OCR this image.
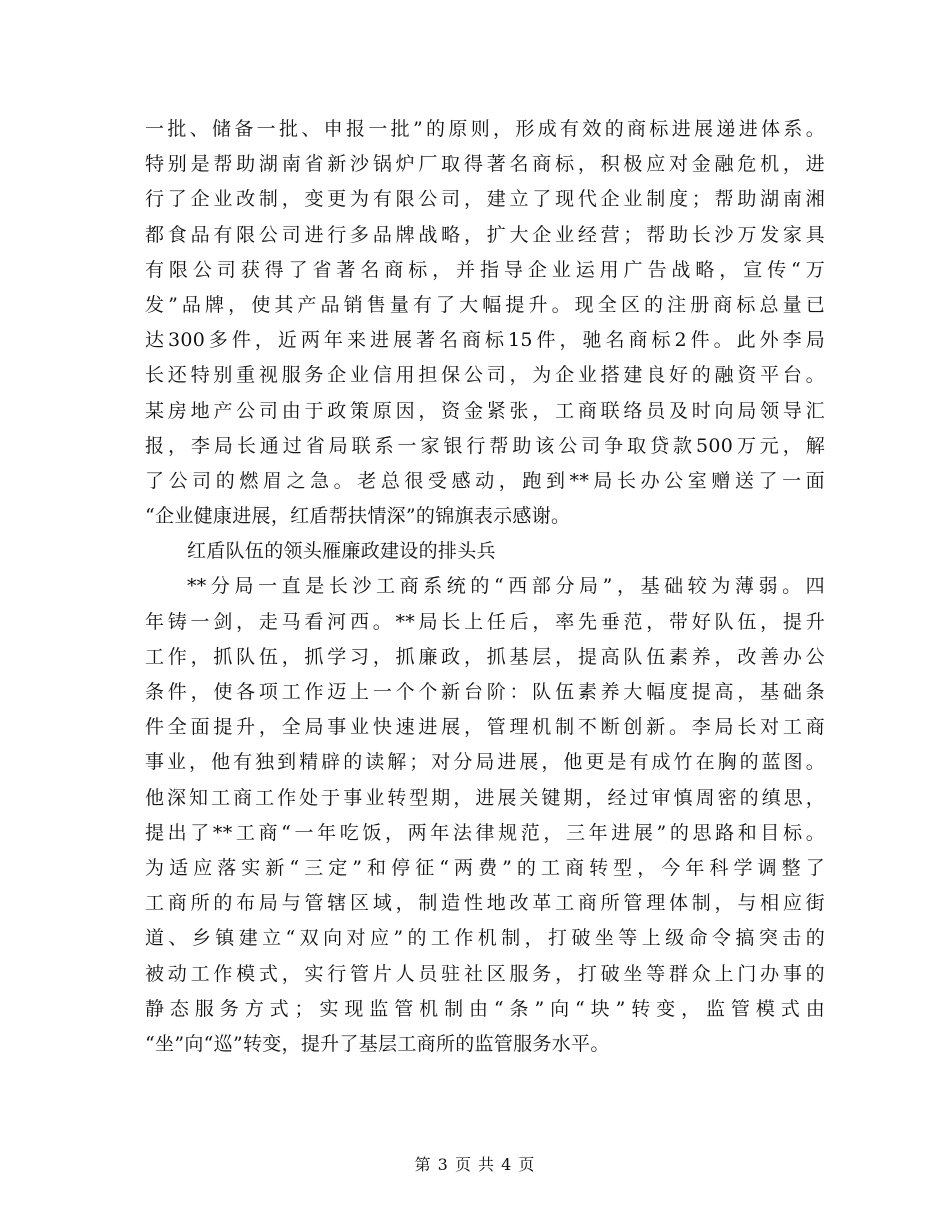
一批、储备一批、申报一批”的原则，形成有效的商标进展递进体系。
特别是帮助湖南省新沙锅炉厂取得著名商标，积极应对金融危机，进
行了企业改制，变更为有限公司，建立了现代企业制度；帮助湖南湘
都食品有限公司进行多品牌战略，扩大企业经营；帮助长沙万发家具
有限公司获得了省著名商标，并指导企业运用广告战略，宣传“万
发”品牌，使其产品销售量有了大幅提升。现全区的注册商标总量已
达300多件，近两年来进展著名商标15件，驰名商标2件。此外李局
长还特别重视服务企业信用担保公司，为企业搭建良好的融资平台。
某房地产公司由于政策原因，资金紧张，工商联络员及时向局领导汇
报，李局长通过省局联系一家银行帮助该公司争取贷款500万元，解
了公司的燃眉之急。老总很受感动，跑到**局长办公室赠送了一面
“企业健康进展，红盾帮扶情深”的锦旗表示感谢。
红盾队伍的领头雁廉政建设的排头兵
**分局一直是长沙工商系统的“西部分局”，基础较为薄弱。四
年铸一剑，走马看河西。**局长上任后，率先垂范，带好队伍，提升
工作，抓队伍，抓学习，抓廉政，抓基层，提高队伍素养，改善办公
条件，使各项工作迈上一个个新台阶：队伍素养大幅度提高，基础条
件全面提升，全局事业快速进展，管理机制不断创新。李局长对工商
事业，他有独到精辟的读解；对分局进展，他更是有成竹在胸的蓝图。
他深知工商工作处于事业转型期，进展关键期，经过审慎周密的缜思，
提出了**工商“一年吃饭，两年法律规范，三年进展”的思路和目标。
为适应落实新“三定”和停征“两费”的工商转型，今年科学调整了
工商所的布局与管辖区域，制造性地改革工商所管理体制，与相应街
道、乡镇建立“双向对应”的工作机制，打破坐等上级命令搞突击的
被动工作模式，实行管片人员驻社区服务，打破坐等群众上门办事的
静态服务方式；实现监管机制由“条”向“块”转变，监管模式由
“坐”向“巡”转变，提升了基层工商所的监管服务水平。
第 3 页 共 4 页
